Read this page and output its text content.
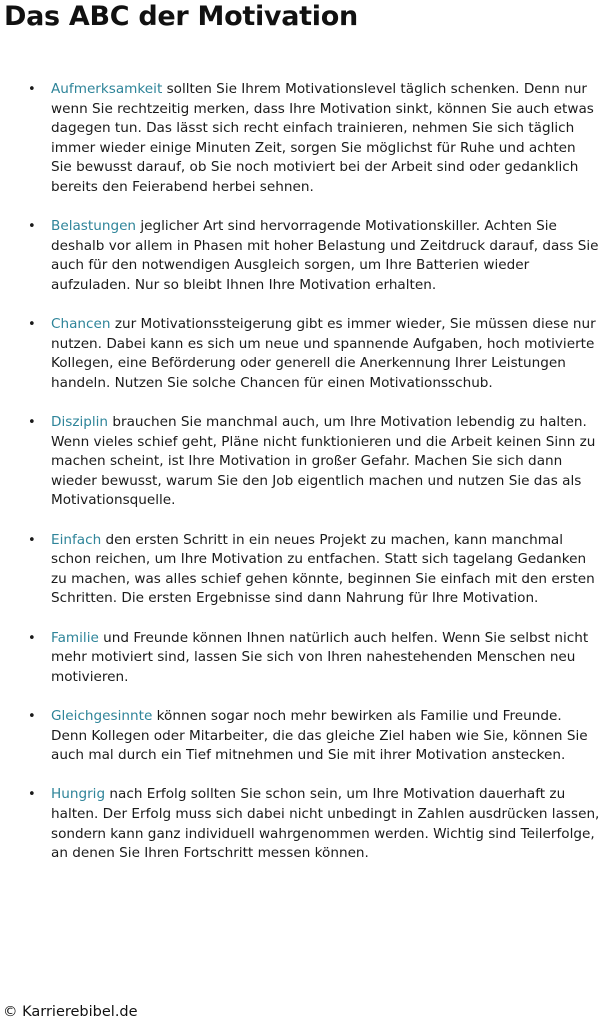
Das ABC der Motivation
• Aufmerksamkeit sollten Sie Ihrem Motivationslevel täglich schenken. Denn nur wenn Sie rechtzeitig merken, dass Ihre Motivation sinkt, können Sie auch etwas dagegen tun. Das lässt sich recht einfach trainieren, nehmen Sie sich täglich immer wieder einige Minuten Zeit, sorgen Sie möglichst für Ruhe und achten Sie bewusst darauf, ob Sie noch motiviert bei der Arbeit sind oder gedanklich bereits den Feierabend herbei sehnen.
• Belastungen jeglicher Art sind hervorragende Motivationskiller. Achten Sie deshalb vor allem in Phasen mit hoher Belastung und Zeitdruck darauf, dass Sie auch für den notwendigen Ausgleich sorgen, um Ihre Batterien wieder aufzuladen. Nur so bleibt Ihnen Ihre Motivation erhalten.
• Chancen zur Motivationssteigerung gibt es immer wieder, Sie müssen diese nur nutzen. Dabei kann es sich um neue und spannende Aufgaben, hoch motivierte Kollegen, eine Beförderung oder generell die Anerkennung Ihrer Leistungen handeln. Nutzen Sie solche Chancen für einen Motivationsschub.
• Disziplin brauchen Sie manchmal auch, um Ihre Motivation lebendig zu halten. Wenn vieles schief geht, Pläne nicht funktionieren und die Arbeit keinen Sinn zu machen scheint, ist Ihre Motivation in großer Gefahr. Machen Sie sich dann wieder bewusst, warum Sie den Job eigentlich machen und nutzen Sie das als Motivationsquelle.
• Einfach den ersten Schritt in ein neues Projekt zu machen, kann manchmal schon reichen, um Ihre Motivation zu entfachen. Statt sich tagelang Gedanken zu machen, was alles schief gehen könnte, beginnen Sie einfach mit den ersten Schritten. Die ersten Ergebnisse sind dann Nahrung für Ihre Motivation.
• Familie und Freunde können Ihnen natürlich auch helfen. Wenn Sie selbst nicht mehr motiviert sind, lassen Sie sich von Ihren nahestehenden Menschen neu motivieren.
• Gleichgesinnte können sogar noch mehr bewirken als Familie und Freunde. Denn Kollegen oder Mitarbeiter, die das gleiche Ziel haben wie Sie, können Sie auch mal durch ein Tief mitnehmen und Sie mit ihrer Motivation anstecken.
• Hungrig nach Erfolg sollten Sie schon sein, um Ihre Motivation dauerhaft zu halten. Der Erfolg muss sich dabei nicht unbedingt in Zahlen ausdrücken lassen, sondern kann ganz individuell wahrgenommen werden. Wichtig sind Teilerfolge, an denen Sie Ihren Fortschritt messen können.
© Karrierebibel.de
